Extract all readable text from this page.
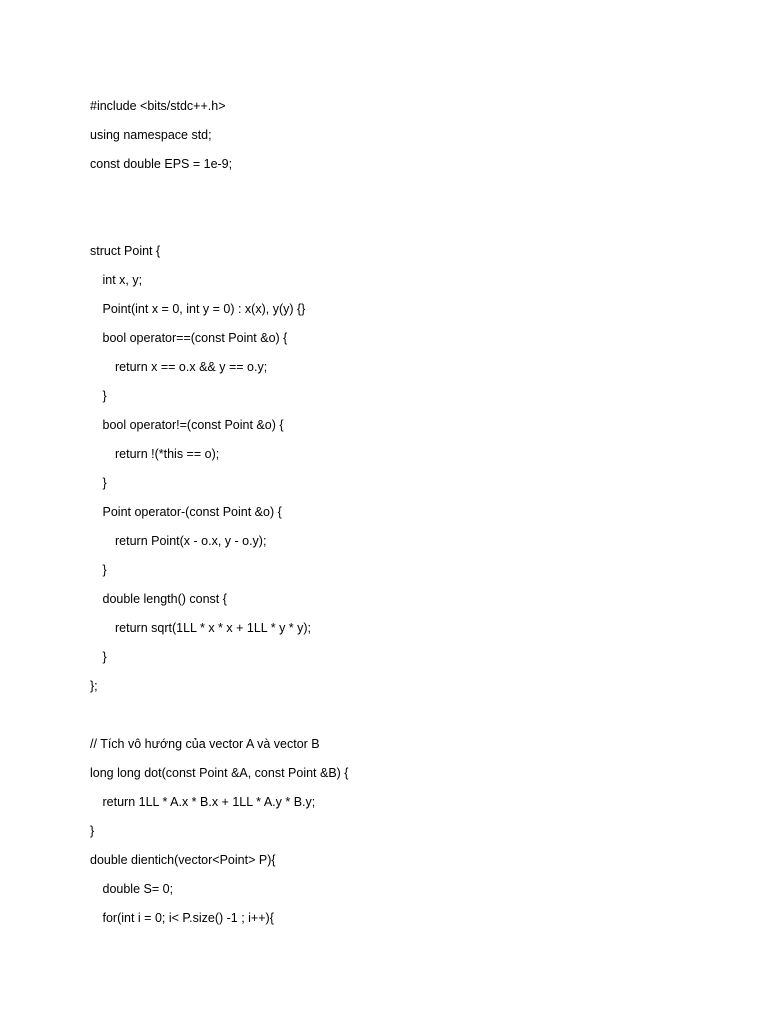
#include <bits/stdc++.h>
using namespace std;
const double EPS = 1e-9;
struct Point {
int x, y;
Point(int x = 0, int y = 0) : x(x), y(y) {}
bool operator==(const Point &o) {
return x == o.x && y == o.y;
}
bool operator!=(const Point &o) {
return !(*this == o);
}
Point operator-(const Point &o) {
return Point(x - o.x, y - o.y);
}
double length() const {
return sqrt(1LL * x * x + 1LL * y * y);
}
};
// Tích vô hướng của vector A và vector B
long long dot(const Point &A, const Point &B) {
return 1LL * A.x * B.x + 1LL * A.y * B.y;
}
double dientich(vector<Point> P){
double S= 0;
for(int i = 0; i< P.size() -1 ; i++){
